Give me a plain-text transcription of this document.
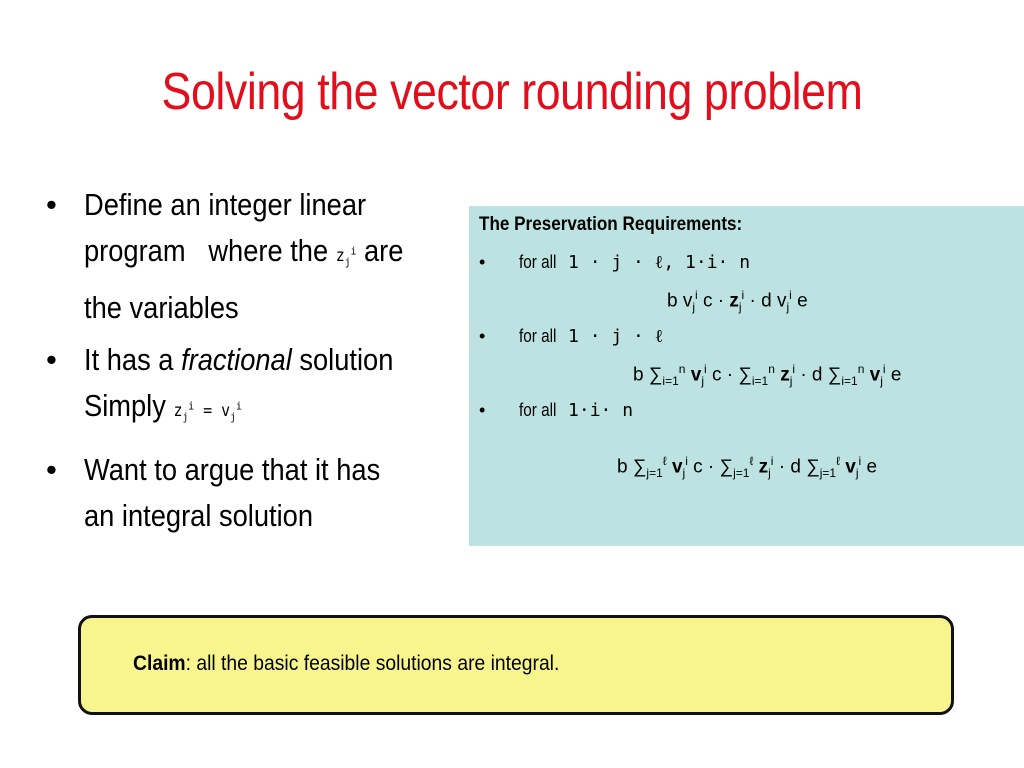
Solving the vector rounding problem
• Define an integer linear
program where the $z_j^i$ are
the variables
• It has a fractional solution
Simply $z_j^i = v_j^i$
• Want to argue that it has
an integral solution
The Preservation Requirements:
• for all 1 · j · ℓ, 1·i· n
b $v_j^i$ $c \cdot z_j^i \cdot d$ $v_j^i$ e
• for all 1 · j · ℓ
b $\sum_{i=1}^n$ $v_j^i$ $c \cdot \sum_{i=1}^n$ $z_j^i \cdot d$ $\sum_{i=1}^n$ $v_j^i$ e
• for all 1·i· n
b $\sum_{j=1}^\ell$ $v_j^i$ $c \cdot \sum_{j=1}^\ell$ $z_j^i \cdot d$ $\sum_{j=1}^\ell$ $v_j^i$ e
Claim: all the basic feasible solutions are integral.
